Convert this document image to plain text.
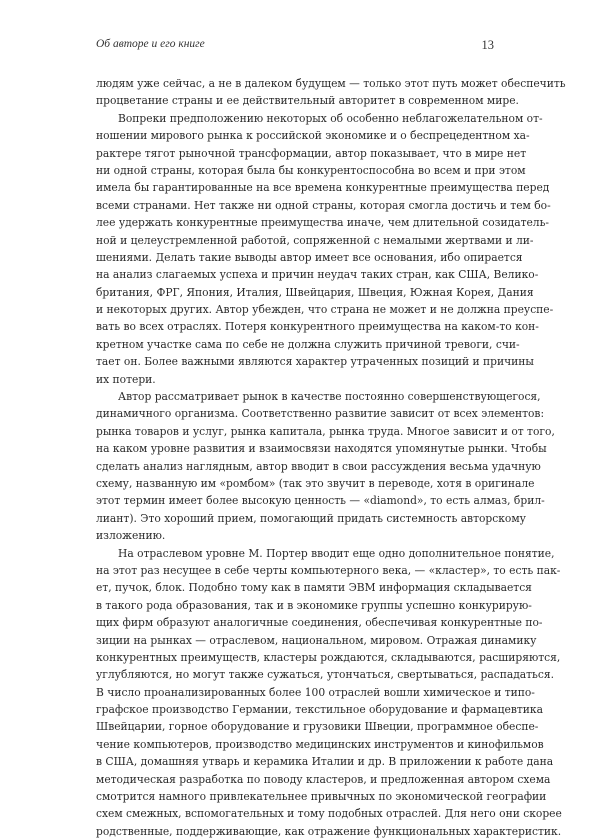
Об авторе и его книге	13
людям уже сейчас, а не в далеком будущем — только этот путь может обеспечить
процветание страны и ее действительный авторитет в современном мире.
Вопреки предположению некоторых об особенно неблагожелательном от-
ношении мирового рынка к российской экономике и о беспрецедентном ха-
рактере тягот рыночной трансформации, автор показывает, что в мире нет
ни одной страны, которая была бы конкурентоспособна во всем и при этом
имела бы гарантированные на все времена конкурентные преимущества перед
всеми странами. Нет также ни одной страны, которая смогла достичь и тем бо-
лее удержать конкурентные преимущества иначе, чем длительной созидатель-
ной и целеустремленной работой, сопряженной с немалыми жертвами и ли-
шениями. Делать такие выводы автор имеет все основания, ибо опирается
на анализ слагаемых успеха и причин неудач таких стран, как США, Велико-
британия, ФРГ, Япония, Италия, Швейцария, Швеция, Южная Корея, Дания
и некоторых других. Автор убежден, что страна не может и не должна преуспе-
вать во всех отраслях. Потеря конкурентного преимущества на каком-то кон-
кретном участке сама по себе не должна служить причиной тревоги, счи-
тает он. Более важными являются характер утраченных позиций и причины
их потери.
Автор рассматривает рынок в качестве постоянно совершенствующегося,
динамичного организма. Соответственно развитие зависит от всех элементов:
рынка товаров и услуг, рынка капитала, рынка труда. Многое зависит и от того,
на каком уровне развития и взаимосвязи находятся упомянутые рынки. Чтобы
сделать анализ наглядным, автор вводит в свои рассуждения весьма удачную
схему, названную им «ромбом» (так это звучит в переводе, хотя в оригинале
этот термин имеет более высокую ценность — «diamond», то есть алмаз, брил-
лиант). Это хороший прием, помогающий придать системность авторскому
изложению.
На отраслевом уровне М. Портер вводит еще одно дополнительное понятие,
на этот раз несущее в себе черты компьютерного века, — «кластер», то есть пак-
ет, пучок, блок. Подобно тому как в памяти ЭВМ информация складывается
в такого рода образования, так и в экономике группы успешно конкурирую-
щих фирм образуют аналогичные соединения, обеспечивая конкурентные по-
зиции на рынках — отраслевом, национальном, мировом. Отражая динамику
конкурентных преимуществ, кластеры рождаются, складываются, расширяются,
углубляются, но могут также сужаться, утончаться, свертываться, распадаться.
В число проанализированных более 100 отраслей вошли химическое и типо-
графское производство Германии, текстильное оборудование и фармацевтика
Швейцарии, горное оборудование и грузовики Швеции, программное обеспе-
чение компьютеров, производство медицинских инструментов и кинофильмов
в США, домашняя утварь и керамика Италии и др. В приложении к работе дана
методическая разработка по поводу кластеров, и предложенная автором схема
смотрится намного привлекательнее привычных по экономической географии
схем смежных, вспомогательных и тому подобных отраслей. Для него они скорее
родственные, поддерживающие, как отражение функциональных характеристик.
